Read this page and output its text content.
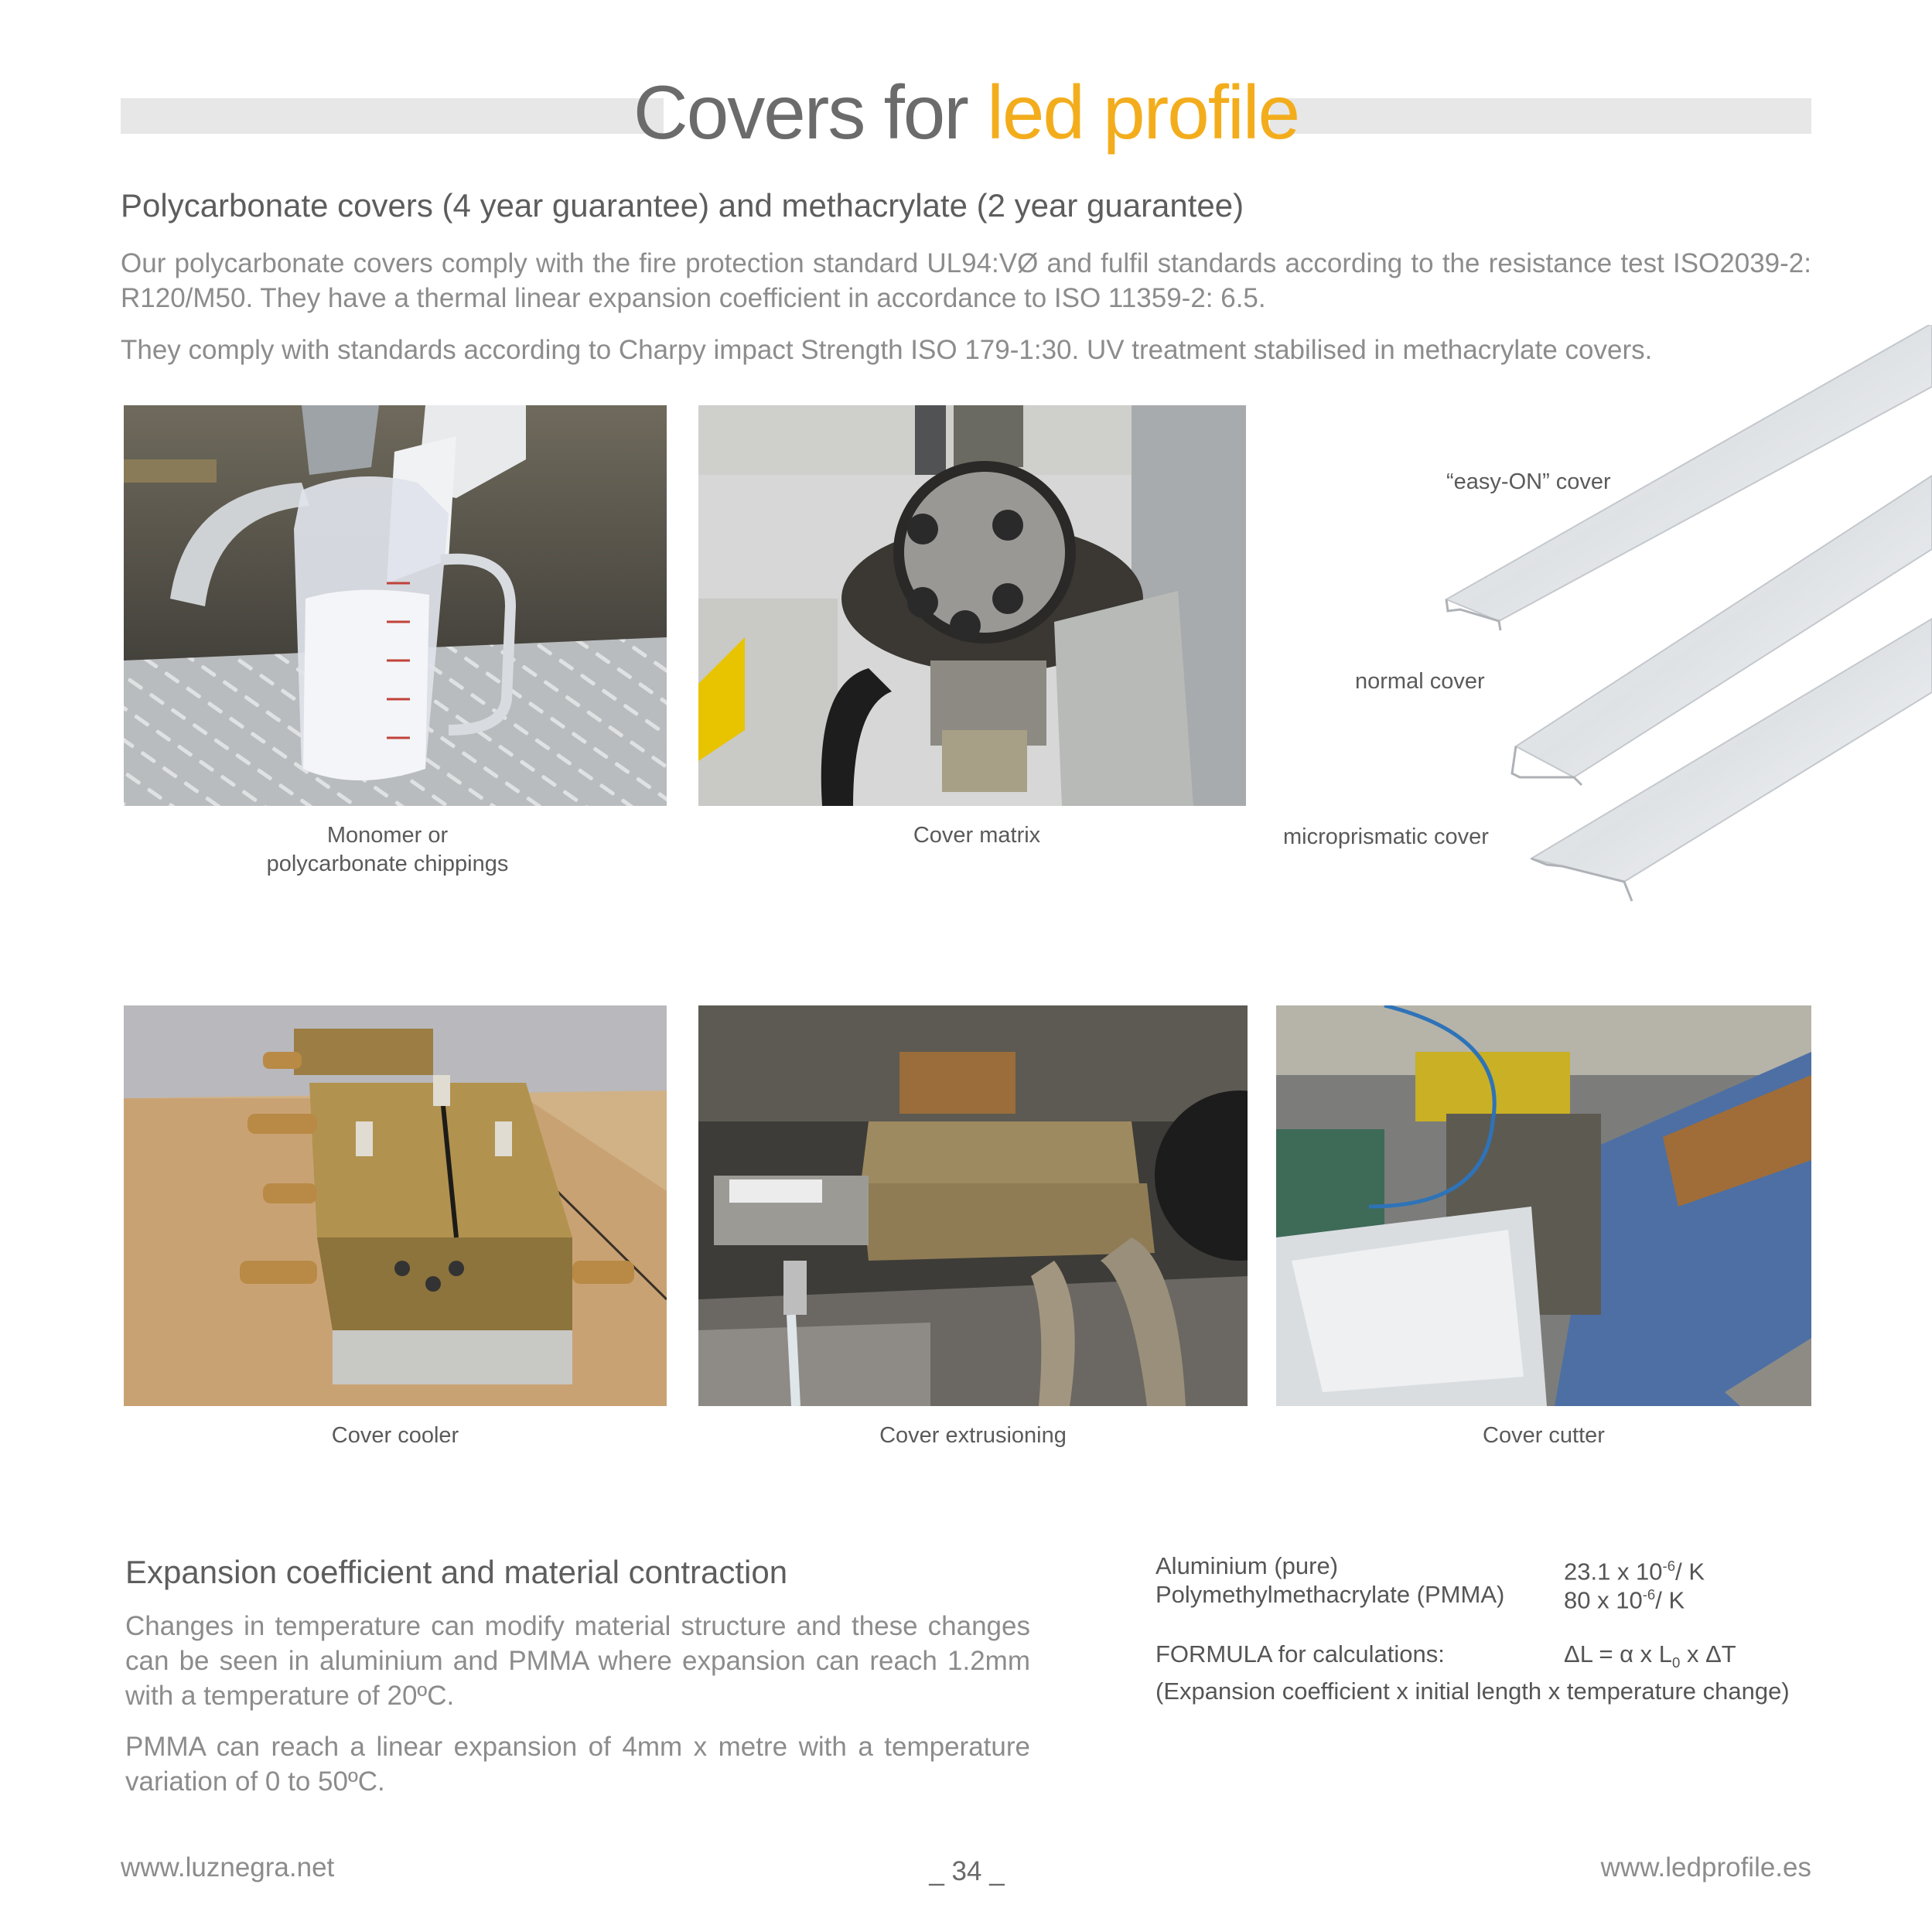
Covers for led profile
Polycarbonate covers (4 year guarantee) and methacrylate (2 year guarantee)
Our polycarbonate covers comply with the fire protection standard UL94:VØ and fulfil standards according to the resistance test ISO2039-2: R120/M50. They have a thermal linear expansion coefficient in accordance to ISO 11359-2: 6.5.
They comply with standards according to Charpy impact Strength ISO 179-1:30. UV treatment stabilised in methacrylate covers.
Monomer or
polycarbonate chippings
Cover matrix
“easy-ON” cover
normal cover
microprismatic cover
Cover cooler	Cover extrusioning	Cover cutter
Expansion coefficient and material contraction
Changes in temperature can modify material structure and these changes can be seen in aluminium and PMMA where expansion can reach 1.2mm with a temperature of 20ºC.
PMMA can reach a linear expansion of 4mm x metre with a temperature variation of 0 to 50ºC.
Aluminium (pure)	23.1 x $10^{-6}/$ K
Polymethylmethacrylate (PMMA) 80 x $10^{-6}/$ K
FORMULA for calculations:	ΔL = α x $L_0$ x ΔT
(Expansion coefficient x initial length x temperature change)
www.luznegra.net	_ 34 _	www.ledprofile.es
